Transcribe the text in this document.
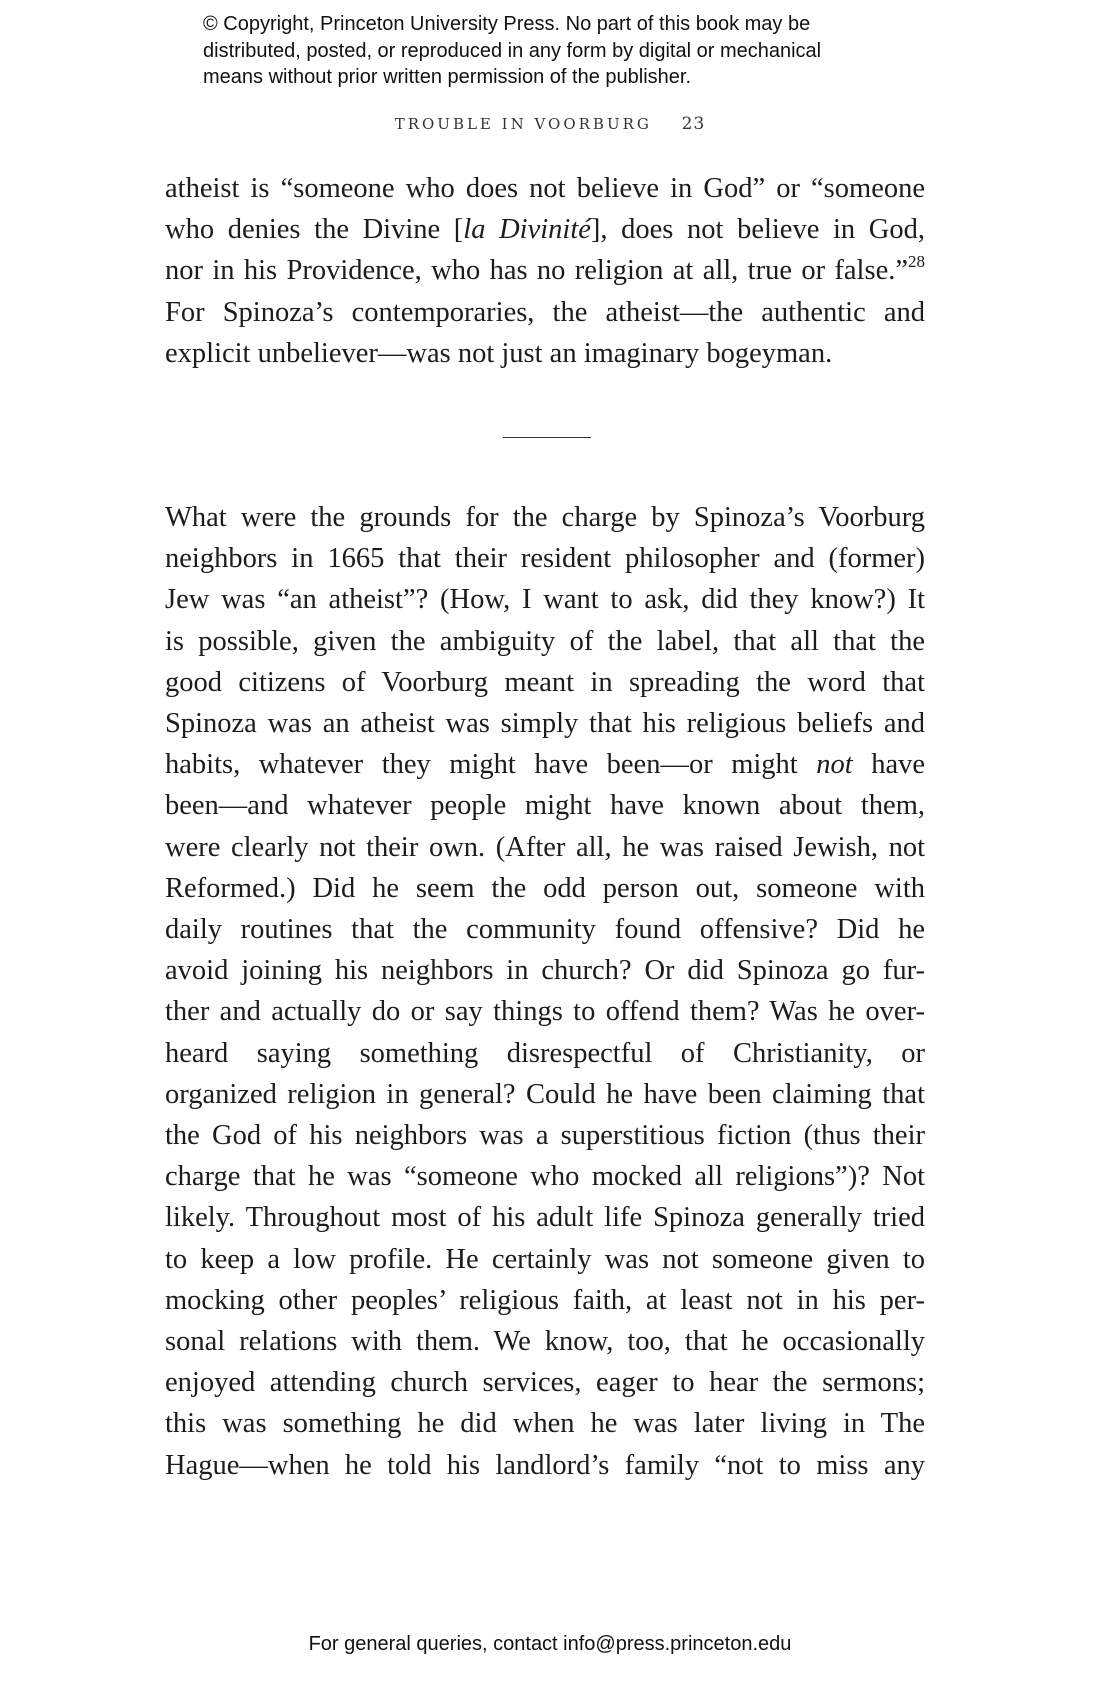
© Copyright, Princeton University Press. No part of this book may be
distributed, posted, or reproduced in any form by digital or mechanical
means without prior written permission of the publisher.
TROUBLE IN VOORBURG 23
atheist is “someone who does not believe in God” or “someone
who denies the Divine [la Divinité], does not believe in God,
nor in his Providence, who has no religion at all, true or false.”$^{28}$
For Spinoza’s contemporaries, the atheist—the authentic and
explicit unbeliever—was not just an imaginary bogeyman.
What were the grounds for the charge by Spinoza’s Voorburg
neighbors in 1665 that their resident philosopher and (former)
Jew was “an atheist”? (How, I want to ask, did they know?) It
is possible, given the ambiguity of the label, that all that the
good citizens of Voorburg meant in spreading the word that
Spinoza was an atheist was simply that his religious beliefs and
habits, whatever they might have been—or might not have
been—and whatever people might have known about them,
were clearly not their own. (After all, he was raised Jewish, not
Reformed.) Did he seem the odd person out, someone with
daily routines that the community found offensive? Did he
avoid joining his neighbors in church? Or did Spinoza go fur-
ther and actually do or say things to offend them? Was he over-
heard saying something disrespectful of Christianity, or
organized religion in general? Could he have been claiming that
the God of his neighbors was a superstitious fiction (thus their
charge that he was “someone who mocked all religions”)? Not
likely. Throughout most of his adult life Spinoza generally tried
to keep a low profile. He certainly was not someone given to
mocking other peoples’ religious faith, at least not in his per-
sonal relations with them. We know, too, that he occasionally
enjoyed attending church services, eager to hear the sermons;
this was something he did when he was later living in The
Hague—when he told his landlord’s family “not to miss any
For general queries, contact info@press.princeton.edu
